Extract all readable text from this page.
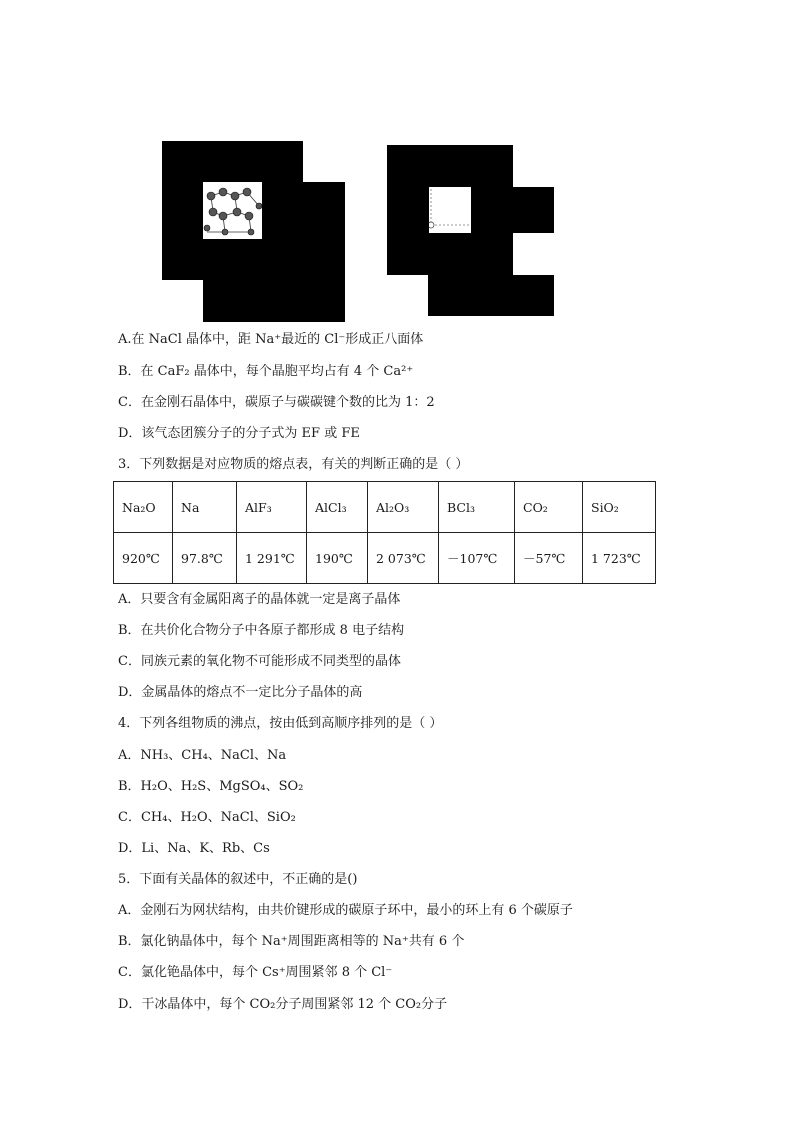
A.在 NaCl 晶体中，距 Na⁺最近的 Cl⁻形成正八面体
B．在 CaF₂ 晶体中，每个晶胞平均占有 4 个 Ca²⁺
C．在金刚石晶体中，碳原子与碳碳键个数的比为 1：2
D．该气态团簇分子的分子式为 EF 或 FE
3．下列数据是对应物质的熔点表，有关的判断正确的是（ ）
Na₂O	Na	AlF₃	AlCl₃	Al₂O₃	BCl₃	CO₂	SiO₂
920℃	97.8℃	1 291℃	190℃	2 073℃	－107℃	－57℃	1 723℃
A．只要含有金属阳离子的晶体就一定是离子晶体
B．在共价化合物分子中各原子都形成 8 电子结构
C．同族元素的氧化物不可能形成不同类型的晶体
D．金属晶体的熔点不一定比分子晶体的高
4．下列各组物质的沸点，按由低到高顺序排列的是（ ）
A．NH₃、CH₄、NaCl、Na
B．H₂O、H₂S、MgSO₄、SO₂
C．CH₄、H₂O、NaCl、SiO₂
D．Li、Na、K、Rb、Cs
5．下面有关晶体的叙述中，不正确的是()
A．金刚石为网状结构，由共价键形成的碳原子环中，最小的环上有 6 个碳原子
B．氯化钠晶体中，每个 Na⁺周围距离相等的 Na⁺共有 6 个
C．氯化铯晶体中，每个 Cs⁺周围紧邻 8 个 Cl⁻
D．干冰晶体中，每个 CO₂分子周围紧邻 12 个 CO₂分子
